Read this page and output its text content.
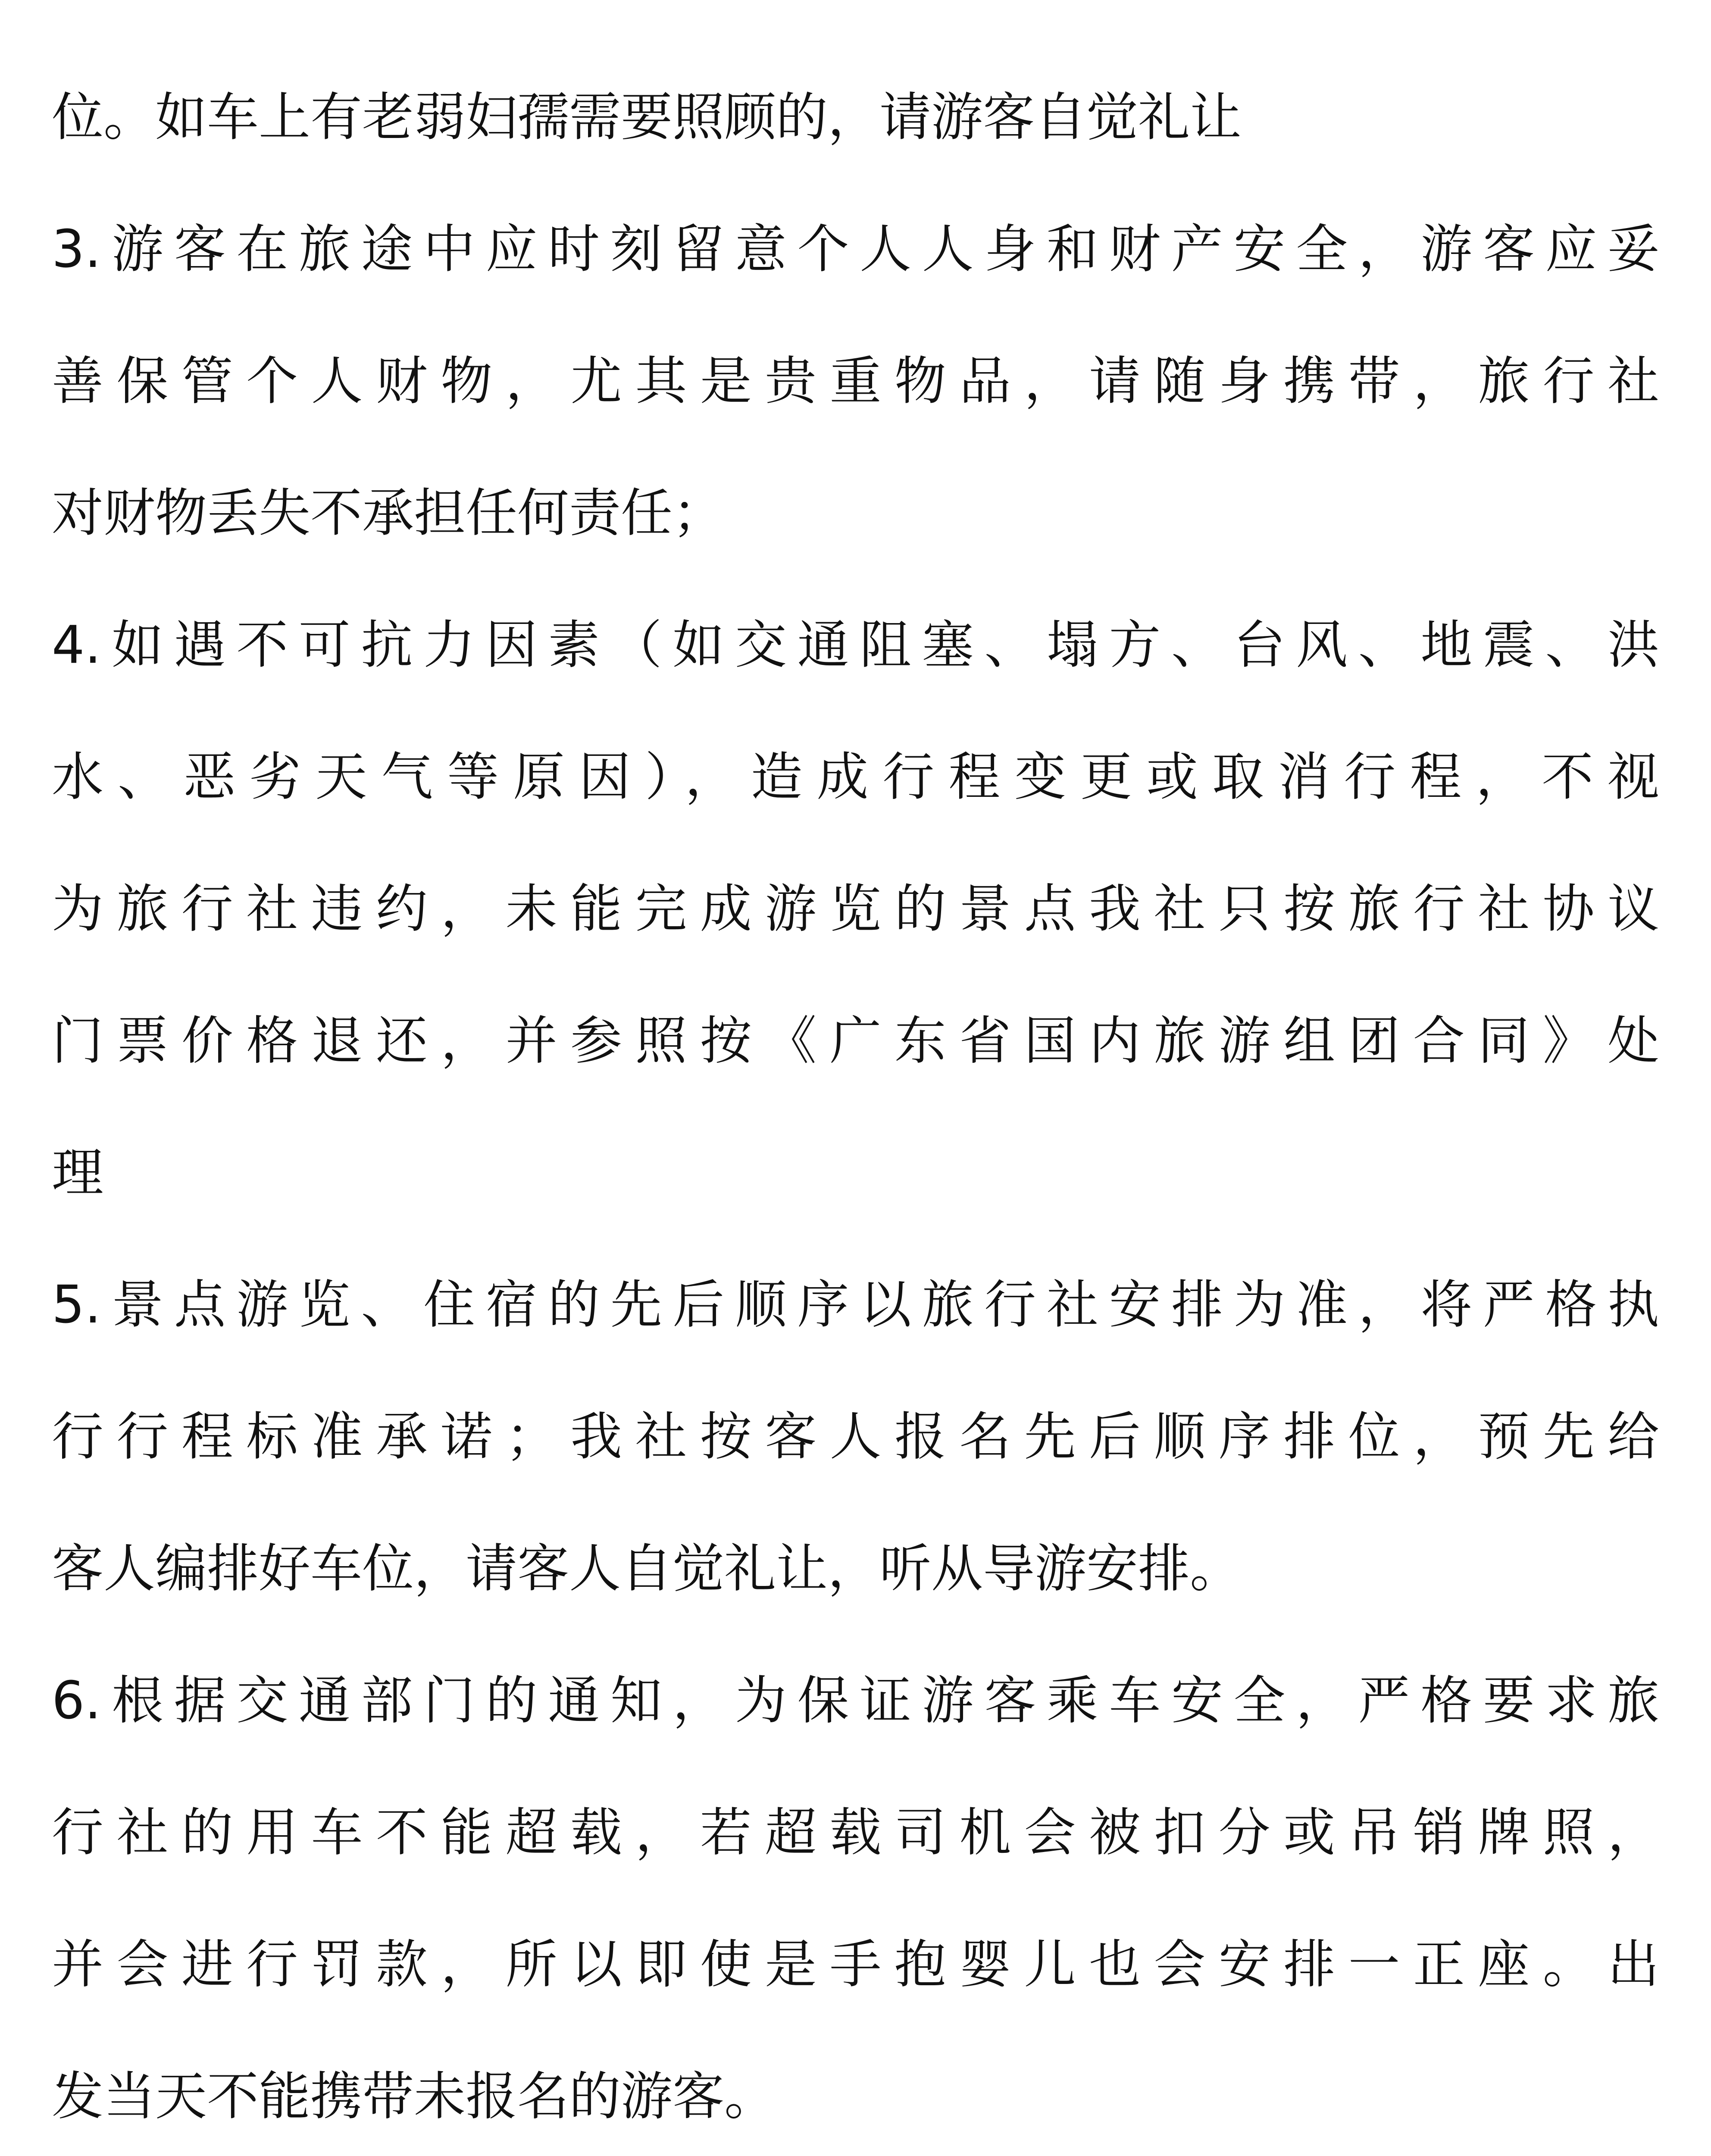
位。如车上有老弱妇孺需要照顾的，请游客自觉礼让
3.游客在旅途中应时刻留意个人人身和财产安全，游客应妥
善保管个人财物，尤其是贵重物品，请随身携带，旅行社
对财物丢失不承担任何责任；
4.如遇不可抗力因素（如交通阻塞、塌方、台风、地震、洪
水、恶劣天气等原因），造成行程变更或取消行程，不视
为旅行社违约，未能完成游览的景点我社只按旅行社协议
门票价格退还，并参照按《广东省国内旅游组团合同》处
理
5.景点游览、住宿的先后顺序以旅行社安排为准，将严格执
行行程标准承诺；我社按客人报名先后顺序排位，预先给
客人编排好车位，请客人自觉礼让，听从导游安排。
6.根据交通部门的通知，为保证游客乘车安全，严格要求旅
行社的用车不能超载，若超载司机会被扣分或吊销牌照，
并会进行罚款，所以即使是手抱婴儿也会安排一正座。出
发当天不能携带未报名的游客。
